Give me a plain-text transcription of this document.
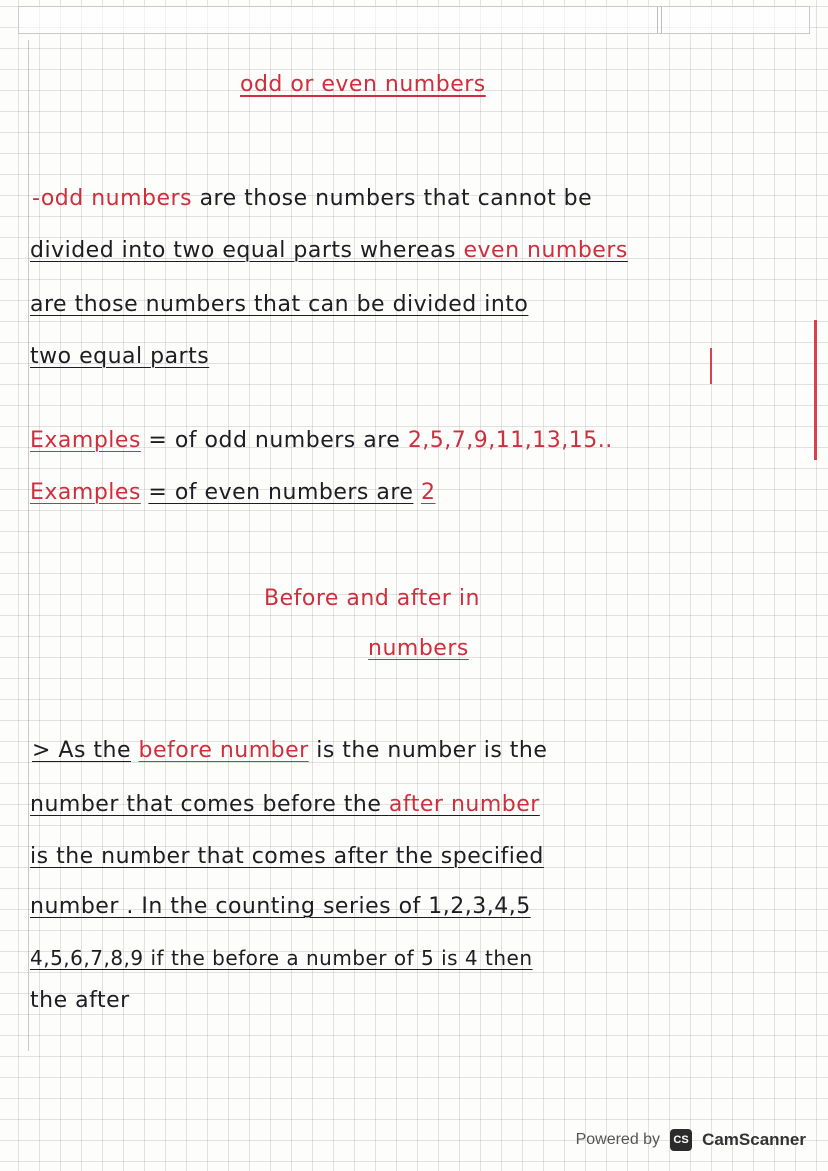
odd or even numbers
-odd numbers are those numbers that cannot be
divided into two equal parts whereas even numbers
are those numbers that can be divided into
two equal parts
Examples = of odd numbers are 2,5,7,9,11,13,15..
Examples = of even numbers are 2
Before and after in
numbers
> As the before number is the number is the
number that comes before the after number
is the number that comes after the specified
number . In the counting series of 1,2,3,4,5
4,5,6,7,8,9 if the before a number of 5 is 4 then
the after
Powered by	CS CamScanner
